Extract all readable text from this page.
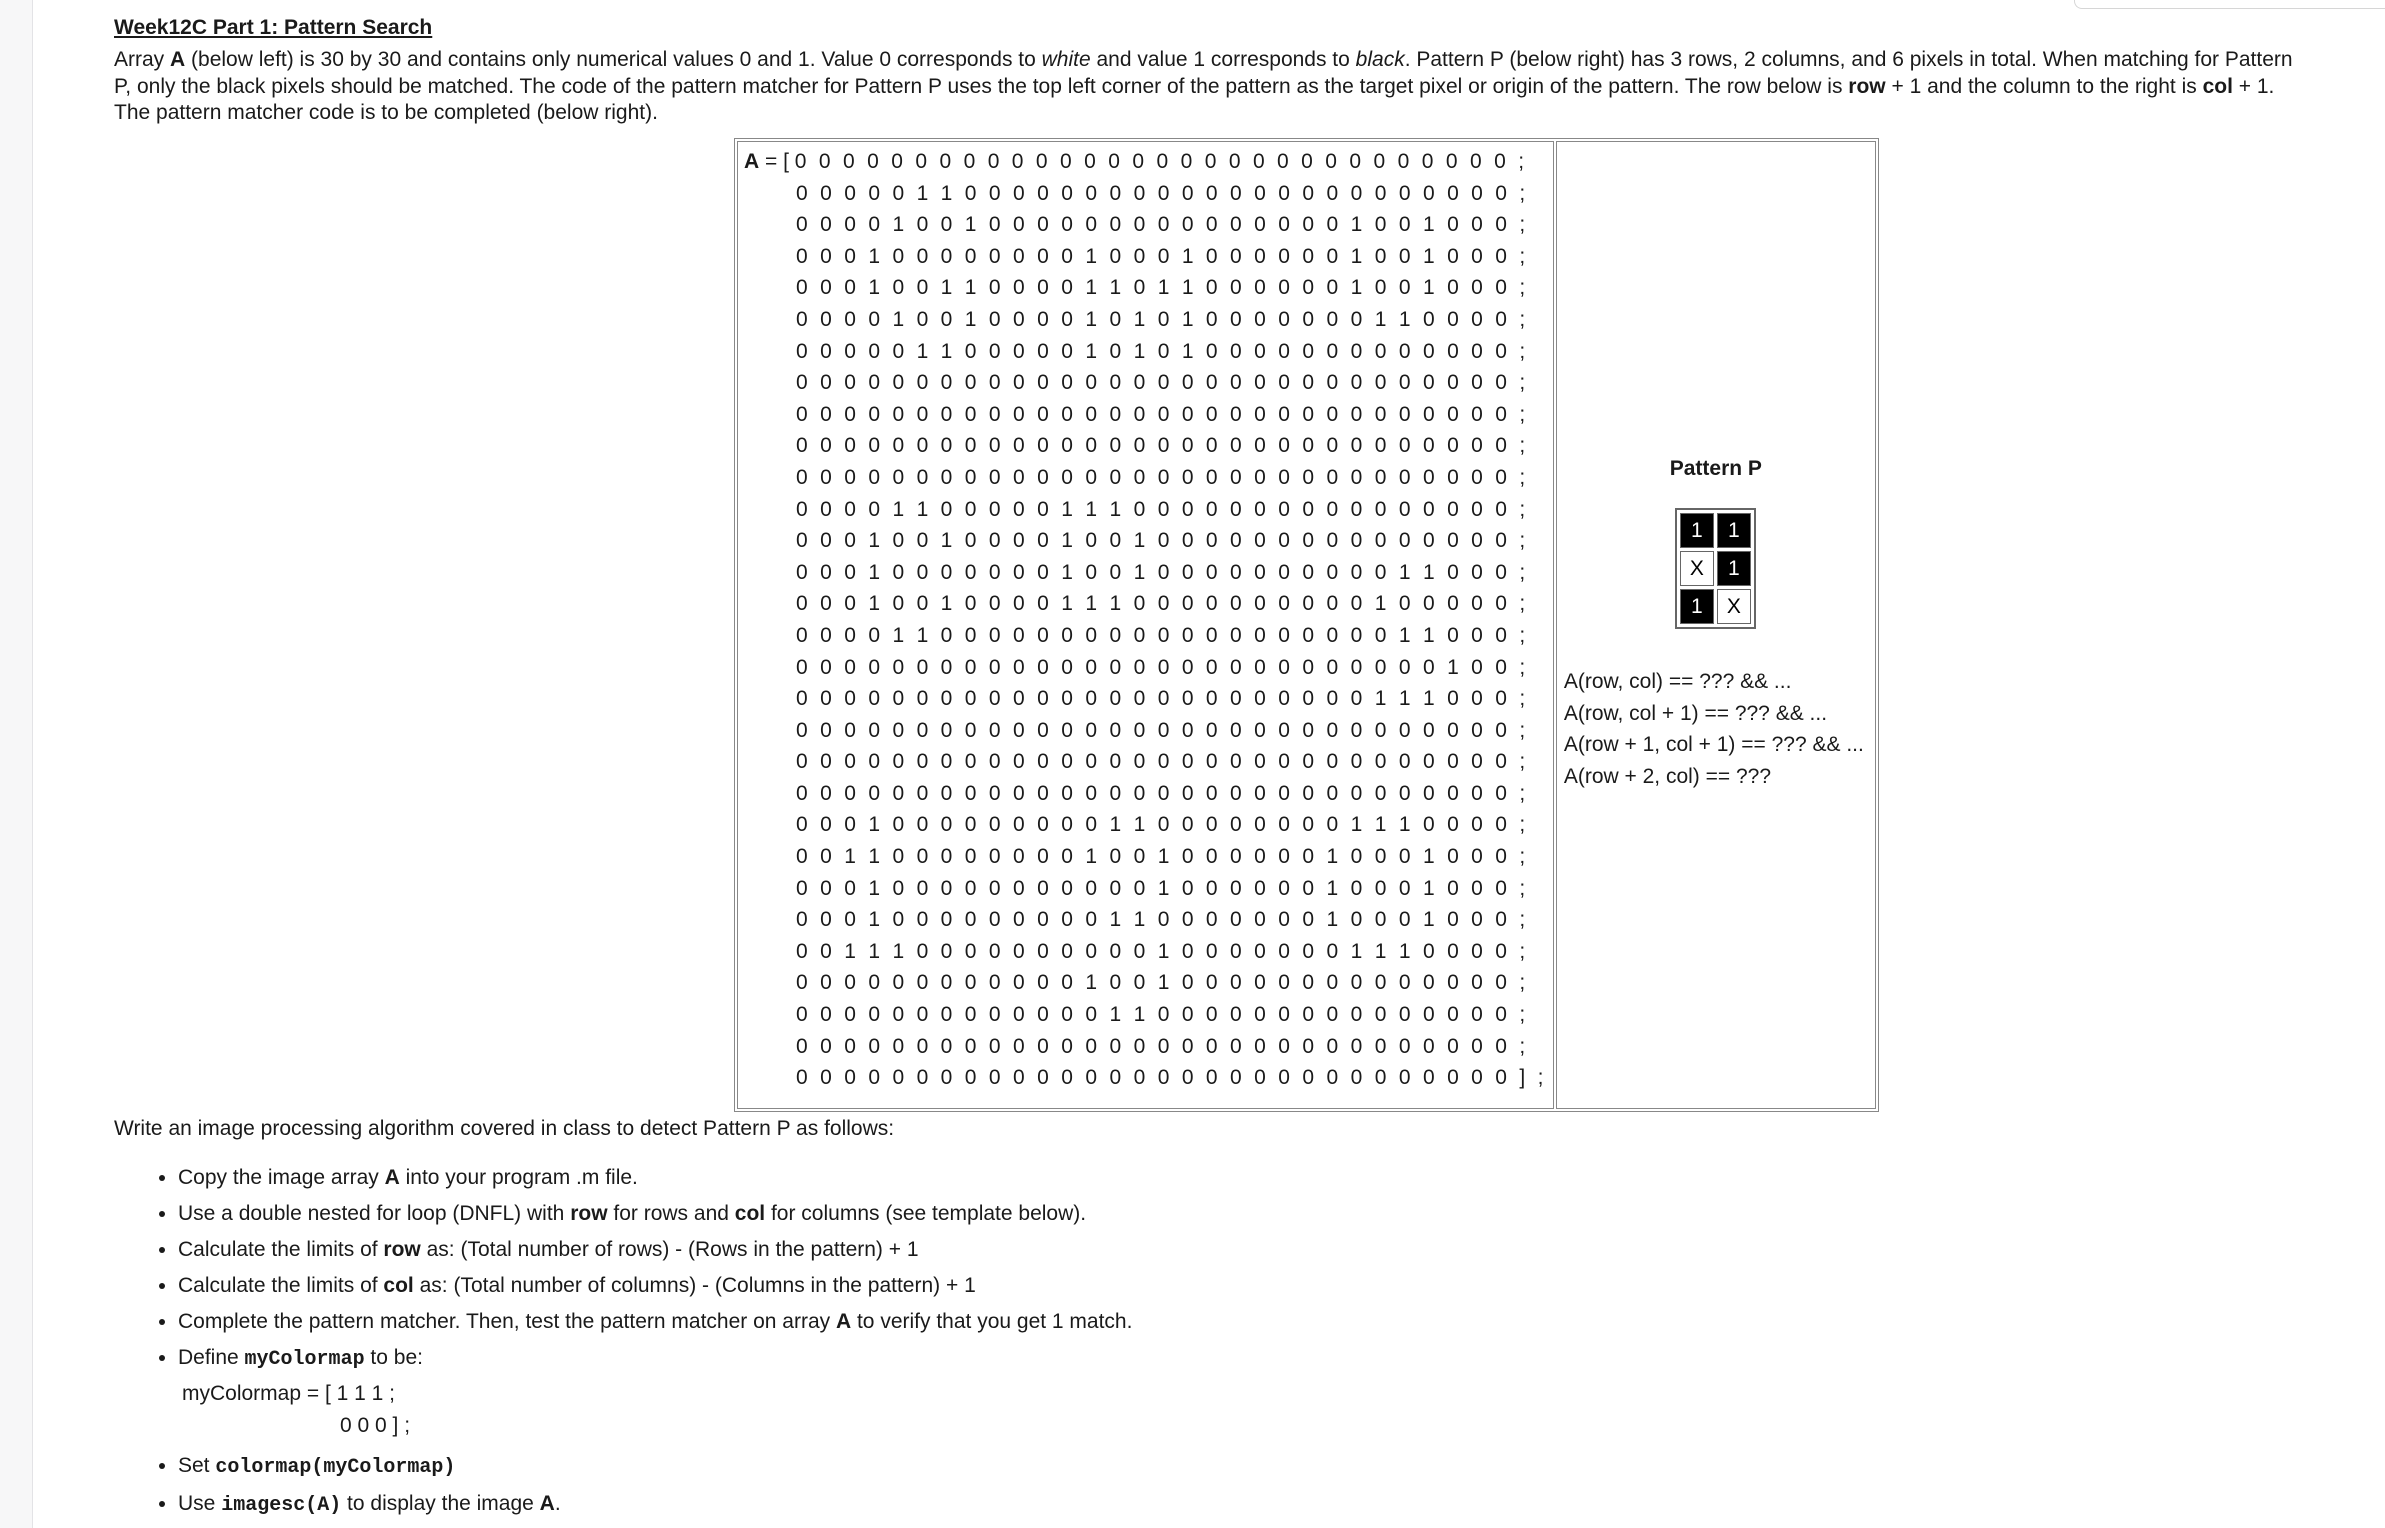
Week12C Part 1: Pattern Search

Array A (below left) is 30 by 30 and contains only numerical values 0 and 1. Value 0 corresponds to white and value 1 corresponds to black. Pattern P (below right) has 3 rows, 2 columns, and 6 pixels in total. When matching for Pattern P, only the black pixels should be matched. The code of the pattern matcher for Pattern P uses the top left corner of the pattern as the target pixel or origin of the pattern. The row below is row + 1 and the column to the right is col + 1. The pattern matcher code is to be completed (below right).

A = [ 0 0 0 0 0 0 0 0 0 0 0 0 0 0 0 0 0 0 0 0 0 0 0 0 0 0 0 0 0 0 ;
0 0 0 0 0 1 1 0 0 0 0 0 0 0 0 0 0 0 0 0 0 0 0 0 0 0 0 0 0 0 ;
0 0 0 0 1 0 0 1 0 0 0 0 0 0 0 0 0 0 0 0 0 0 0 1 0 0 1 0 0 0 ;
0 0 0 1 0 0 0 0 0 0 0 0 1 0 0 0 1 0 0 0 0 0 0 1 0 0 1 0 0 0 ;
0 0 0 1 0 0 1 1 0 0 0 0 1 1 0 1 1 0 0 0 0 0 0 1 0 0 1 0 0 0 ;
0 0 0 0 1 0 0 1 0 0 0 0 1 0 1 0 1 0 0 0 0 0 0 0 1 1 0 0 0 0 ;
0 0 0 0 0 1 1 0 0 0 0 0 1 0 1 0 1 0 0 0 0 0 0 0 0 0 0 0 0 0 ;
0 0 0 0 0 0 0 0 0 0 0 0 0 0 0 0 0 0 0 0 0 0 0 0 0 0 0 0 0 0 ;
0 0 0 0 0 0 0 0 0 0 0 0 0 0 0 0 0 0 0 0 0 0 0 0 0 0 0 0 0 0 ;
0 0 0 0 0 0 0 0 0 0 0 0 0 0 0 0 0 0 0 0 0 0 0 0 0 0 0 0 0 0 ;
0 0 0 0 0 0 0 0 0 0 0 0 0 0 0 0 0 0 0 0 0 0 0 0 0 0 0 0 0 0 ;
0 0 0 0 1 1 0 0 0 0 0 1 1 1 0 0 0 0 0 0 0 0 0 0 0 0 0 0 0 0 ;
0 0 0 1 0 0 1 0 0 0 0 1 0 0 1 0 0 0 0 0 0 0 0 0 0 0 0 0 0 0 ;
0 0 0 1 0 0 0 0 0 0 0 1 0 0 1 0 0 0 0 0 0 0 0 0 0 1 1 0 0 0 ;
0 0 0 1 0 0 1 0 0 0 0 1 1 1 0 0 0 0 0 0 0 0 0 0 1 0 0 0 0 0 ;
0 0 0 0 1 1 0 0 0 0 0 0 0 0 0 0 0 0 0 0 0 0 0 0 0 1 1 0 0 0 ;
0 0 0 0 0 0 0 0 0 0 0 0 0 0 0 0 0 0 0 0 0 0 0 0 0 0 0 1 0 0 ;
0 0 0 0 0 0 0 0 0 0 0 0 0 0 0 0 0 0 0 0 0 0 0 0 1 1 1 0 0 0 ;
0 0 0 0 0 0 0 0 0 0 0 0 0 0 0 0 0 0 0 0 0 0 0 0 0 0 0 0 0 0 ;
0 0 0 0 0 0 0 0 0 0 0 0 0 0 0 0 0 0 0 0 0 0 0 0 0 0 0 0 0 0 ;
0 0 0 0 0 0 0 0 0 0 0 0 0 0 0 0 0 0 0 0 0 0 0 0 0 0 0 0 0 0 ;
0 0 0 1 0 0 0 0 0 0 0 0 0 1 1 0 0 0 0 0 0 0 0 1 1 1 0 0 0 0 ;
0 0 1 1 0 0 0 0 0 0 0 0 1 0 0 1 0 0 0 0 0 0 1 0 0 0 1 0 0 0 ;
0 0 0 1 0 0 0 0 0 0 0 0 0 0 0 1 0 0 0 0 0 0 1 0 0 0 1 0 0 0 ;
0 0 0 1 0 0 0 0 0 0 0 0 0 1 1 0 0 0 0 0 0 0 1 0 0 0 1 0 0 0 ;
0 0 1 1 1 0 0 0 0 0 0 0 0 0 0 1 0 0 0 0 0 0 0 1 1 1 0 0 0 0 ;
0 0 0 0 0 0 0 0 0 0 0 0 1 0 0 1 0 0 0 0 0 0 0 0 0 0 0 0 0 0 ;
0 0 0 0 0 0 0 0 0 0 0 0 0 1 1 0 0 0 0 0 0 0 0 0 0 0 0 0 0 0 ;
0 0 0 0 0 0 0 0 0 0 0 0 0 0 0 0 0 0 0 0 0 0 0 0 0 0 0 0 0 0 ;
0 0 0 0 0 0 0 0 0 0 0 0 0 0 0 0 0 0 0 0 0 0 0 0 0 0 0 0 0 0 ] ;

Pattern P
1	1
X	1
1	X
A(row, col) == ??? && ...
A(row, col + 1) == ??? && ...
A(row + 1, col + 1) == ??? && ...
A(row + 2, col) == ???

Write an image processing algorithm covered in class to detect Pattern P as follows:

• Copy the image array A into your program .m file.
• Use a double nested for loop (DNFL) with row for rows and col for columns (see template below).
• Calculate the limits of row as: (Total number of rows) - (Rows in the pattern) + 1
• Calculate the limits of col as: (Total number of columns) - (Columns in the pattern) + 1
• Complete the pattern matcher. Then, test the pattern matcher on array A to verify that you get 1 match.
• Define myColormap to be:
myColormap = [ 1 1 1 ;
0 0 0 ] ;
• Set colormap(myColormap)
• Use imagesc(A) to display the image A.
